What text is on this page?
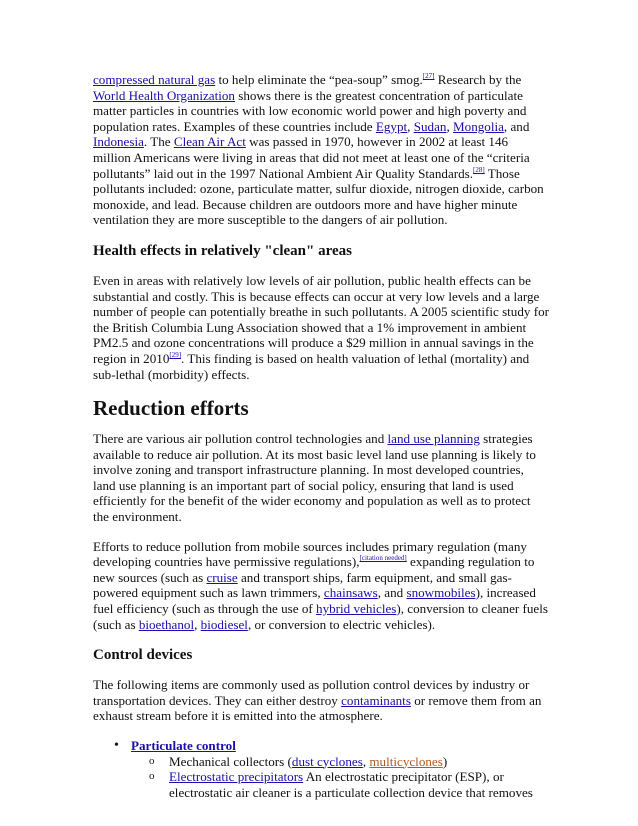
compressed natural gas to help eliminate the “pea-soup” smog.[27] Research by the World Health Organization shows there is the greatest concentration of particulate matter particles in countries with low economic world power and high poverty and population rates. Examples of these countries include Egypt, Sudan, Mongolia, and Indonesia. The Clean Air Act was passed in 1970, however in 2002 at least 146 million Americans were living in areas that did not meet at least one of the “criteria pollutants” laid out in the 1997 National Ambient Air Quality Standards.[28] Those pollutants included: ozone, particulate matter, sulfur dioxide, nitrogen dioxide, carbon monoxide, and lead. Because children are outdoors more and have higher minute ventilation they are more susceptible to the dangers of air pollution.

Health effects in relatively "clean" areas

Even in areas with relatively low levels of air pollution, public health effects can be substantial and costly. This is because effects can occur at very low levels and a large number of people can potentially breathe in such pollutants. A 2005 scientific study for the British Columbia Lung Association showed that a 1% improvement in ambient PM2.5 and ozone concentrations will produce a $29 million in annual savings in the region in 2010[29]. This finding is based on health valuation of lethal (mortality) and sub-lethal (morbidity) effects.

Reduction efforts

There are various air pollution control technologies and land use planning strategies available to reduce air pollution. At its most basic level land use planning is likely to involve zoning and transport infrastructure planning. In most developed countries, land use planning is an important part of social policy, ensuring that land is used efficiently for the benefit of the wider economy and population as well as to protect the environment.

Efforts to reduce pollution from mobile sources includes primary regulation (many developing countries have permissive regulations),[citation needed] expanding regulation to new sources (such as cruise and transport ships, farm equipment, and small gas-powered equipment such as lawn trimmers, chainsaws, and snowmobiles), increased fuel efficiency (such as through the use of hybrid vehicles), conversion to cleaner fuels (such as bioethanol, biodiesel, or conversion to electric vehicles).

Control devices

The following items are commonly used as pollution control devices by industry or transportation devices. They can either destroy contaminants or remove them from an exhaust stream before it is emitted into the atmosphere.

• Particulate control
o Mechanical collectors (dust cyclones, multicyclones)
o Electrostatic precipitators An electrostatic precipitator (ESP), or electrostatic air cleaner is a particulate collection device that removes
